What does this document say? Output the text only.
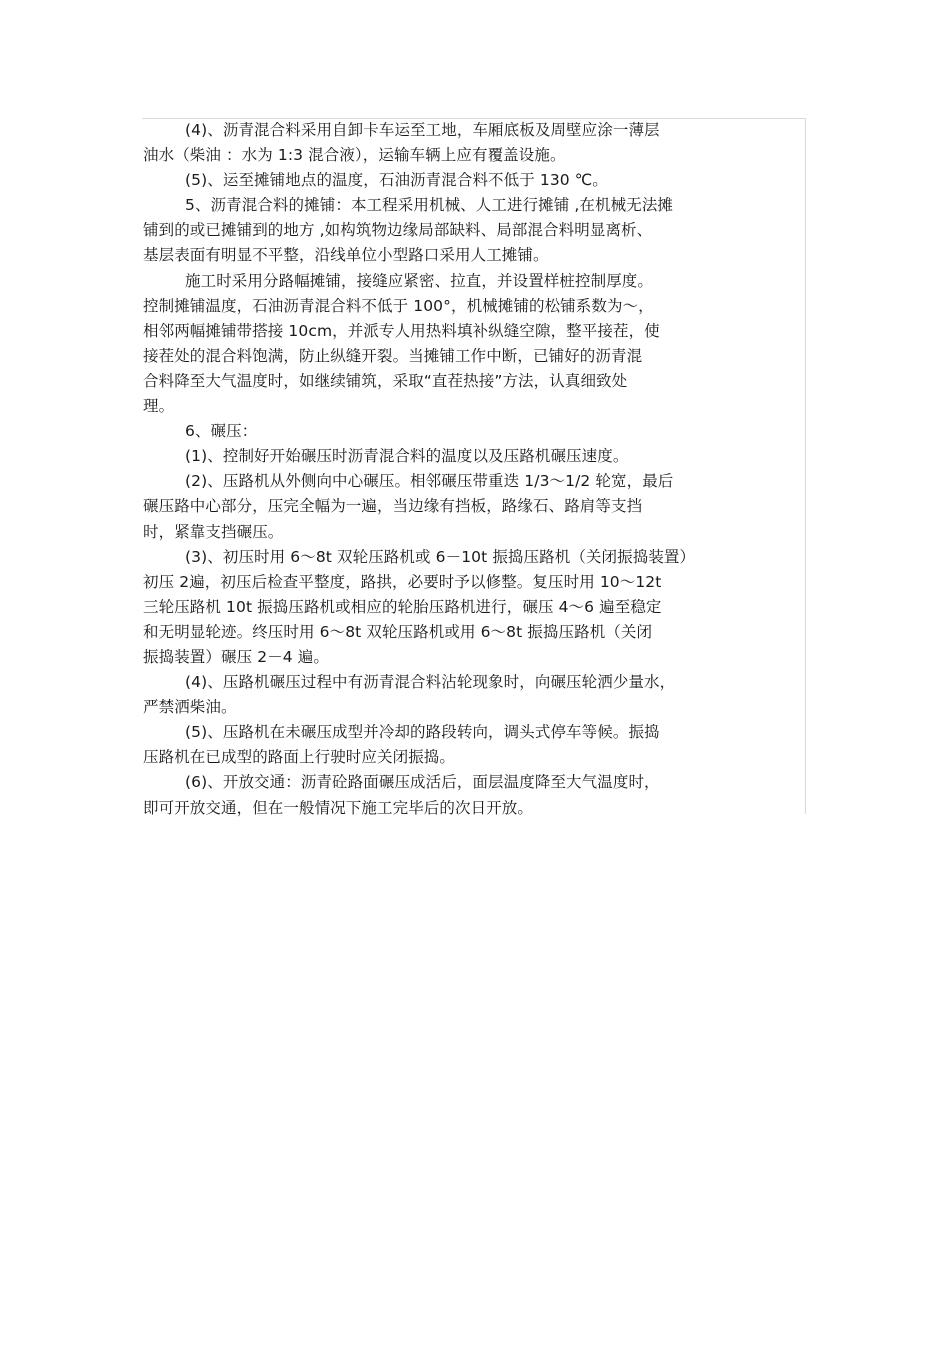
(4)、沥青混合料采用自卸卡车运至工地，车厢底板及周壁应涂一薄层
油水（柴油 ：水为 1:3 混合液），运输车辆上应有覆盖设施。
(5)、运至摊铺地点的温度，石油沥青混合料不低于 130 ℃。
5、沥青混合料的摊铺：本工程采用机械、人工进行摊铺 ,在机械无法摊
铺到的或已摊铺到的地方 ,如构筑物边缘局部缺料、局部混合料明显离析、
基层表面有明显不平整，沿线单位小型路口采用人工摊铺。
施工时采用分路幅摊铺，接缝应紧密、拉直，并设置样桩控制厚度。
控制摊铺温度，石油沥青混合料不低于 100°，机械摊铺的松铺系数为～，
相邻两幅摊铺带搭接 10cm，并派专人用热料填补纵缝空隙，整平接茬，使
接茬处的混合料饱满，防止纵缝开裂。当摊铺工作中断，已铺好的沥青混
合料降至大气温度时，如继续铺筑，采取“直茬热接”方法，认真细致处
理。
6、碾压：
(1)、控制好开始碾压时沥青混合料的温度以及压路机碾压速度。
(2)、压路机从外侧向中心碾压。相邻碾压带重迭 1/3～1/2 轮宽，最后
碾压路中心部分，压完全幅为一遍，当边缘有挡板，路缘石、路肩等支挡
时，紧靠支挡碾压。
(3)、初压时用 6～8t 双轮压路机或 6－10t 振捣压路机（关闭振捣装置）
初压 2遍，初压后检查平整度，路拱，必要时予以修整。复压时用 10～12t
三轮压路机 10t 振捣压路机或相应的轮胎压路机进行，碾压 4～6 遍至稳定
和无明显轮迹。终压时用 6～8t 双轮压路机或用 6～8t 振捣压路机（关闭
振捣装置）碾压 2－4 遍。
(4)、压路机碾压过程中有沥青混合料沾轮现象时，向碾压轮洒少量水，
严禁洒柴油。
(5)、压路机在未碾压成型并冷却的路段转向，调头式停车等候。振捣
压路机在已成型的路面上行驶时应关闭振捣。
(6)、开放交通：沥青砼路面碾压成活后，面层温度降至大气温度时，
即可开放交通，但在一般情况下施工完毕后的次日开放。
